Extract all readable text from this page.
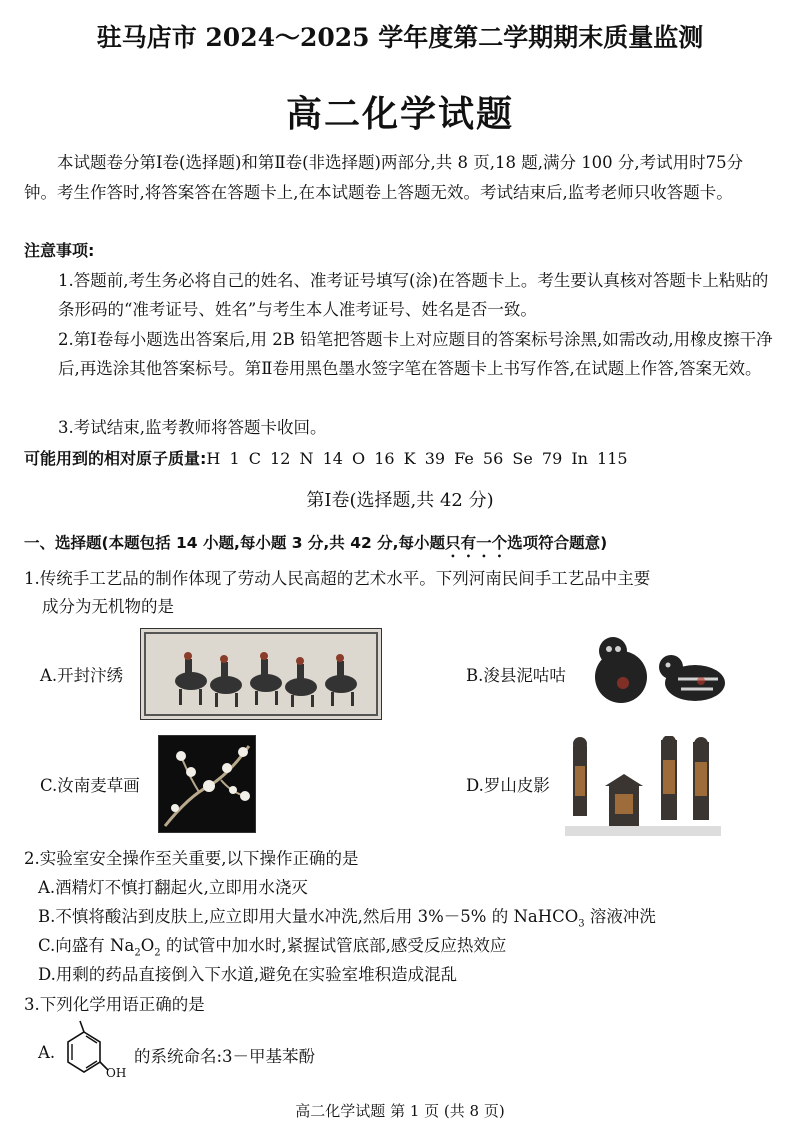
驻马店市 2024～2025 学年度第二学期期末质量监测
高二化学试题
本试题卷分第Ⅰ卷(选择题)和第Ⅱ卷(非选择题)两部分,共 8 页,18 题,满分 100 分,考试用时75分钟。考生作答时,将答案答在答题卡上,在本试题卷上答题无效。考试结束后,监考老师只收答题卡。
注意事项:
1.答题前,考生务必将自己的姓名、准考证号填写(涂)在答题卡上。考生要认真核对答题卡上粘贴的条形码的“准考证号、姓名”与考生本人准考证号、姓名是否一致。
2.第Ⅰ卷每小题选出答案后,用 2B 铅笔把答题卡上对应题目的答案标号涂黑,如需改动,用橡皮擦干净后,再选涂其他答案标号。第Ⅱ卷用黑色墨水签字笔在答题卡上书写作答,在试题上作答,答案无效。
3.考试结束,监考教师将答题卡收回。
可能用到的相对原子质量:H 1 C 12 N 14 O 16 K 39 Fe 56 Se 79 In 115
第Ⅰ卷(选择题,共 42 分)
一、选择题(本题包括 14 小题,每小题 3 分,共 42 分,每小题只有一个选项符合题意)
1.传统手工艺品的制作体现了劳动人民高超的艺术水平。下列河南民间手工艺品中主要
成分为无机物的是
A.开封汴绣	B.浚县泥咕咕
C.汝南麦草画	D.罗山皮影
2.实验室安全操作至关重要,以下操作正确的是
A.酒精灯不慎打翻起火,立即用水浇灭
B.不慎将酸沾到皮肤上,应立即用大量水冲洗,然后用 3%－5% 的 NaHCO$_3$ 溶液冲洗
C.向盛有 $Na_2O_2$ 的试管中加水时,紧握试管底部,感受反应热效应
D.用剩的药品直接倒入下水道,避免在实验室堆积造成混乱
3.下列化学用语正确的是
A.
OH
的系统命名:3－甲基苯酚
高二化学试题 第 1 页 (共 8 页)
